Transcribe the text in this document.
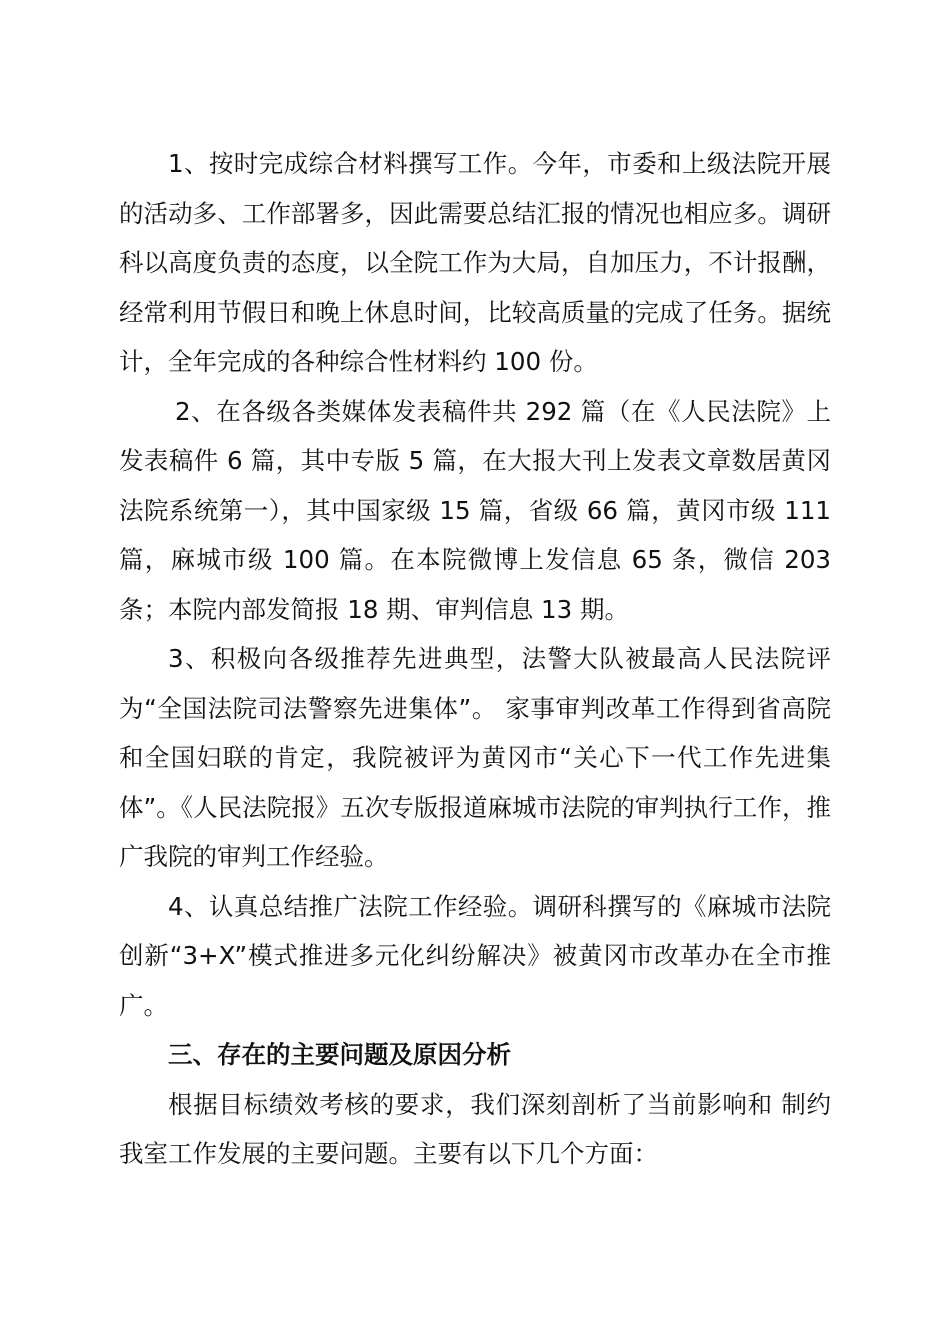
1、按时完成综合材料撰写工作。今年，市委和上级法院开展的活动多、工作部署多，因此需要总结汇报的情况也相应多。调研科以高度负责的态度，以全院工作为大局，自加压力，不计报酬，经常利用节假日和晚上休息时间，比较高质量的完成了任务。据统计，全年完成的各种综合性材料约 100 份。

2、在各级各类媒体发表稿件共 292 篇（在《人民法院》上发表稿件 6 篇，其中专版 5 篇，在大报大刊上发表文章数居黄冈法院系统第一），其中国家级 15 篇，省级 66 篇，黄冈市级 111 篇，麻城市级 100 篇。在本院微博上发信息 65 条，微信 203 条；本院内部发简报 18 期、审判信息 13 期。

3、积极向各级推荐先进典型，法警大队被最高人民法院评为“全国法院司法警察先进集体”。 家事审判改革工作得到省高院和全国妇联的肯定，我院被评为黄冈市“关心下一代工作先进集体”。《人民法院报》五次专版报道麻城市法院的审判执行工作，推广我院的审判工作经验。

4、认真总结推广法院工作经验。调研科撰写的《麻城市法院创新“3+X”模式推进多元化纠纷解决》被黄冈市改革办在全市推广。

三、存在的主要问题及原因分析

根据目标绩效考核的要求，我们深刻剖析了当前影响和 制约我室工作发展的主要问题。主要有以下几个方面：
